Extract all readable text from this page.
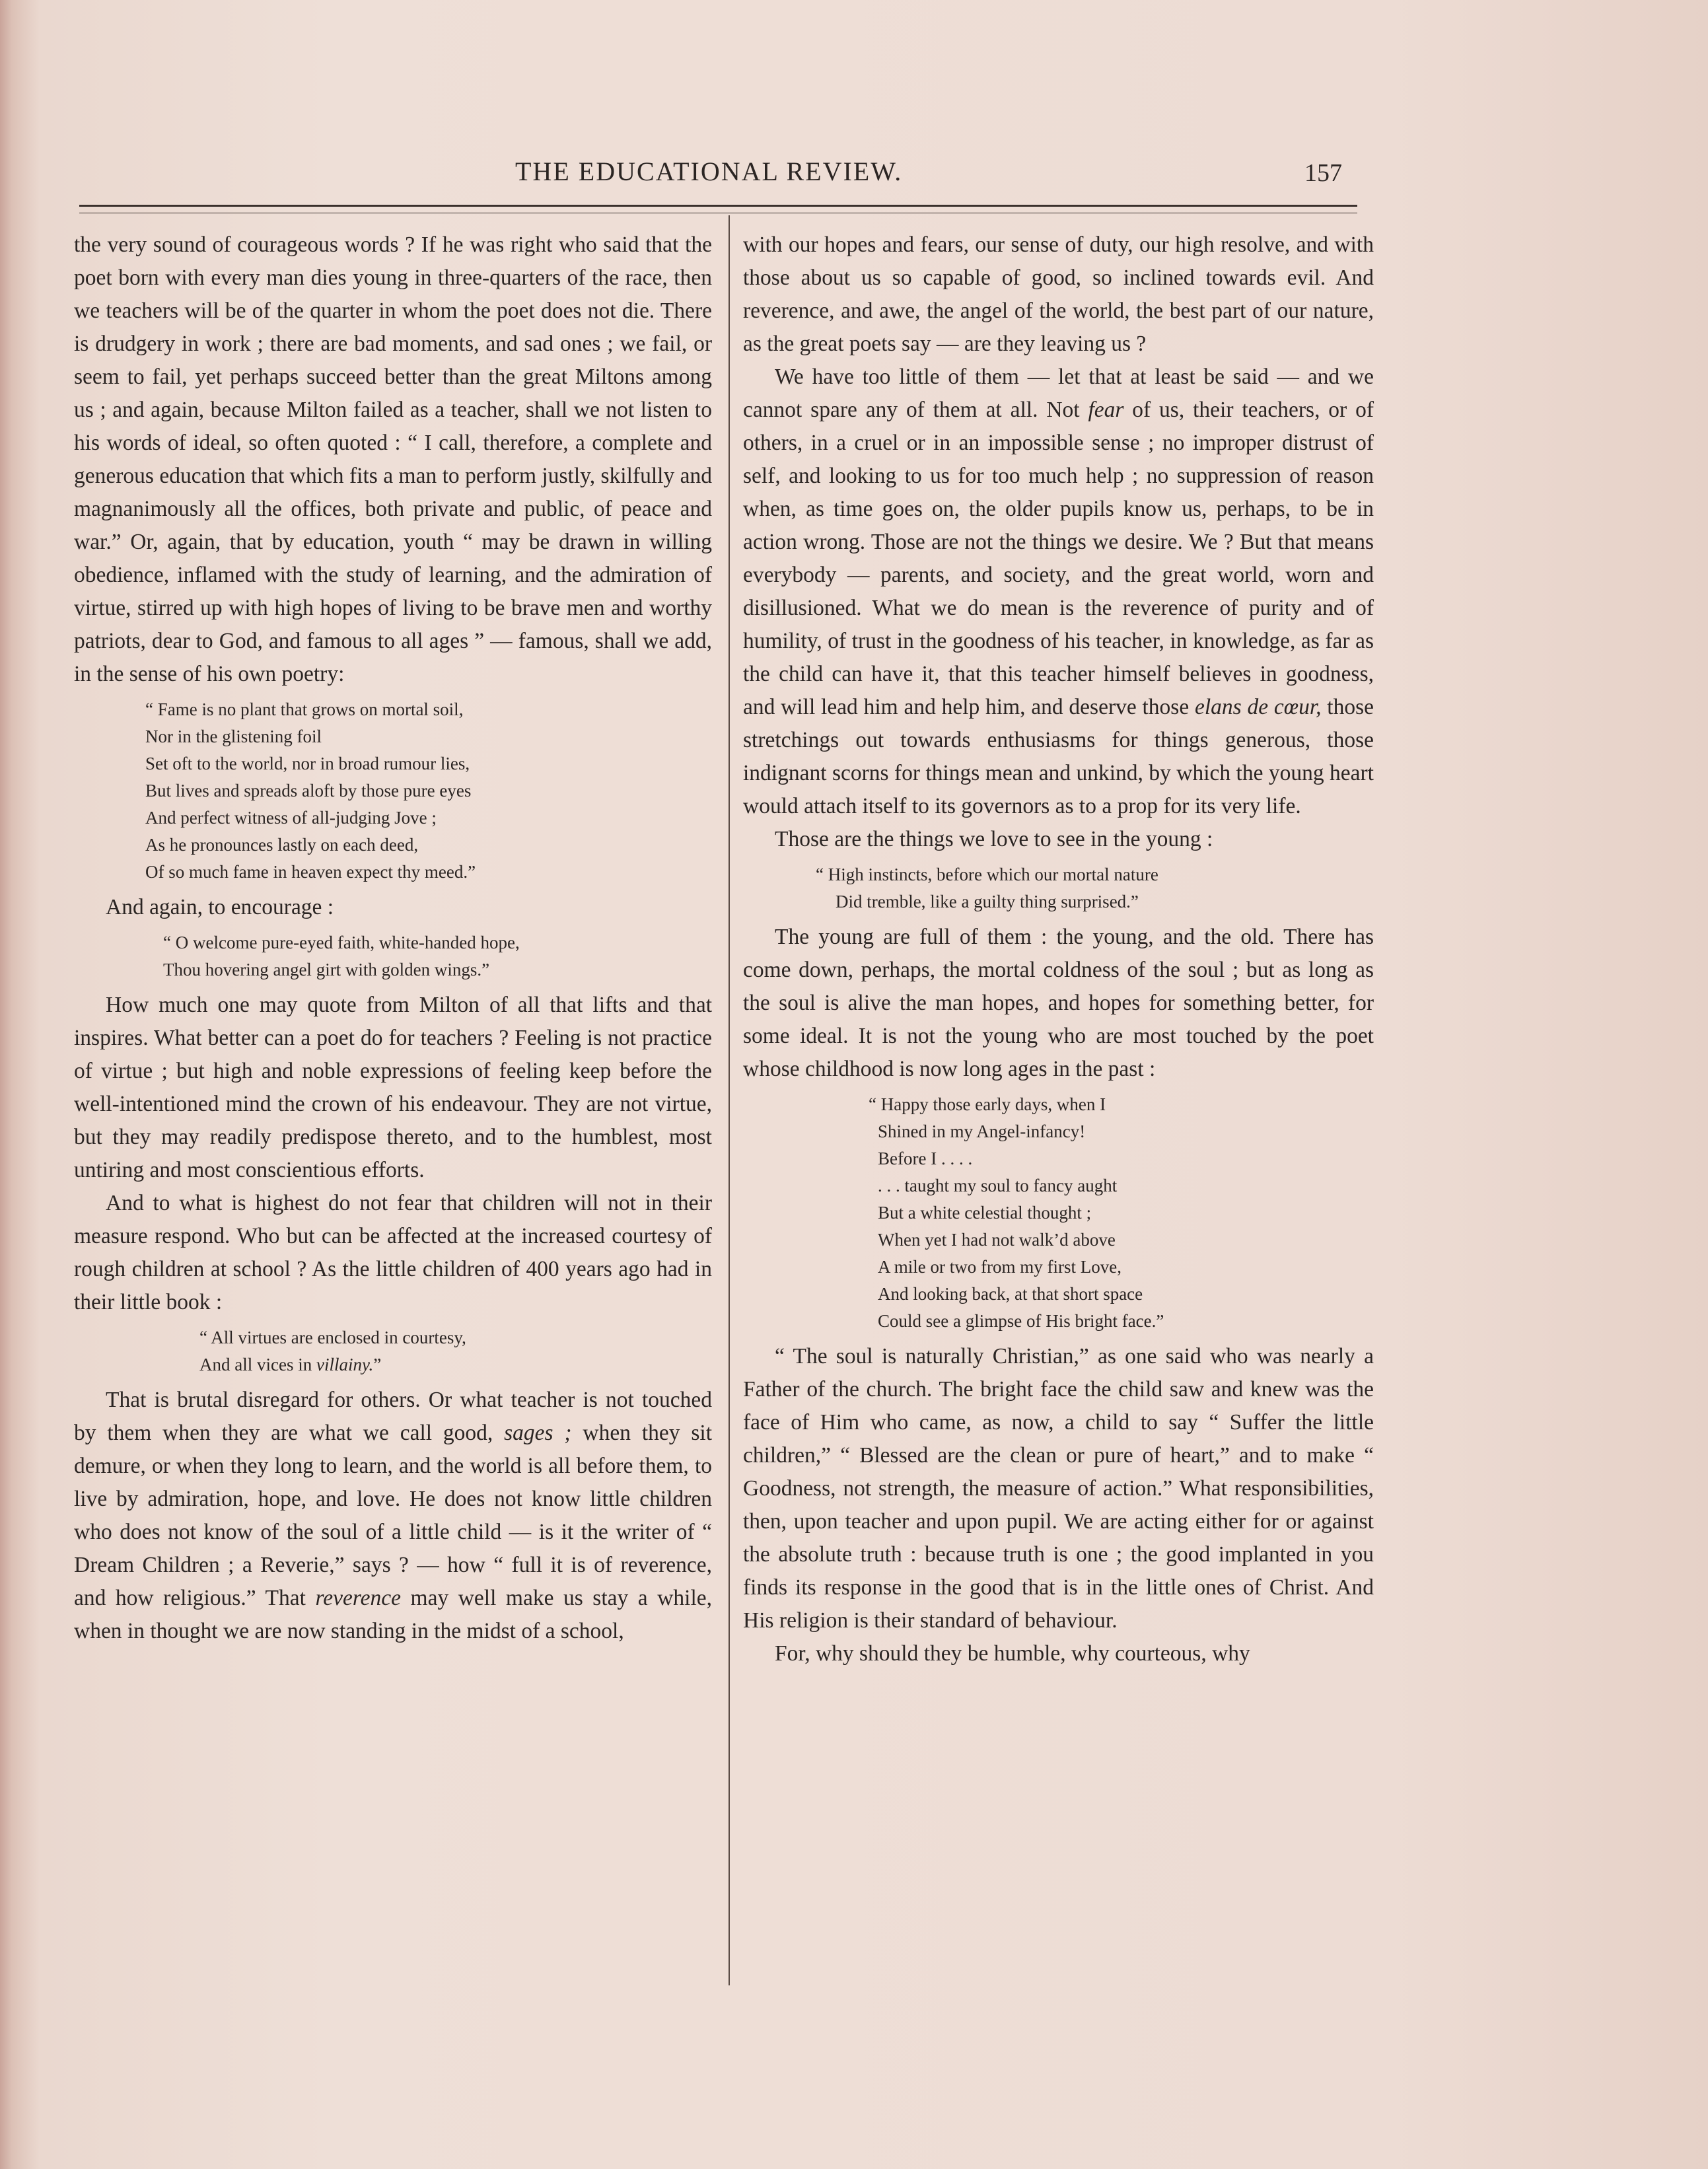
THE EDUCATIONAL REVIEW.	157

the very sound of courageous words ? If he was right who said that the poet born with every man dies young in three-quarters of the race, then we teachers will be of the quarter in whom the poet does not die. There is drudgery in work ; there are bad moments, and sad ones ; we fail, or seem to fail, yet perhaps succeed better than the great Miltons among us ; and again, because Milton failed as a teacher, shall we not listen to his words of ideal, so often quoted : “ I call, therefore, a complete and generous education that which fits a man to perform justly, skilfully and magnanimously all the offices, both private and public, of peace and war.” Or, again, that by education, youth “ may be drawn in willing obedience, inflamed with the study of learning, and the admiration of virtue, stirred up with high hopes of living to be brave men and worthy patriots, dear to God, and famous to all ages ” — famous, shall we add, in the sense of his own poetry:

“ Fame is no plant that grows on mortal soil,
Nor in the glistening foil
Set oft to the world, nor in broad rumour lies,
But lives and spreads aloft by those pure eyes
And perfect witness of all-judging Jove ;
As he pronounces lastly on each deed,
Of so much fame in heaven expect thy meed.”

And again, to encourage :

“ O welcome pure-eyed faith, white-handed hope,
Thou hovering angel girt with golden wings.”

How much one may quote from Milton of all that lifts and that inspires. What better can a poet do for teachers ? Feeling is not practice of virtue ; but high and noble expressions of feeling keep before the well-intentioned mind the crown of his endeavour. They are not virtue, but they may readily predispose thereto, and to the humblest, most untiring and most conscientious efforts.

And to what is highest do not fear that children will not in their measure respond. Who but can be affected at the increased courtesy of rough children at school ? As the little children of 400 years ago had in their little book :

“ All virtues are enclosed in courtesy,
And all vices in villainy.”

That is brutal disregard for others. Or what teacher is not touched by them when they are what we call good, sages ; when they sit demure, or when they long to learn, and the world is all before them, to live by admiration, hope, and love. He does not know little children who does not know of the soul of a little child — is it the writer of “ Dream Children ; a Reverie,” says ? — how “ full it is of reverence, and how religious.” That reverence may well make us stay a while, when in thought we are now standing in the midst of a school,

with our hopes and fears, our sense of duty, our high resolve, and with those about us so capable of good, so inclined towards evil. And reverence, and awe, the angel of the world, the best part of our nature, as the great poets say — are they leaving us ?

We have too little of them — let that at least be said — and we cannot spare any of them at all. Not fear of us, their teachers, or of others, in a cruel or in an impossible sense ; no improper distrust of self, and looking to us for too much help ; no suppression of reason when, as time goes on, the older pupils know us, perhaps, to be in action wrong. Those are not the things we desire. We ? But that means everybody — parents, and society, and the great world, worn and disillusioned. What we do mean is the reverence of purity and of humility, of trust in the goodness of his teacher, in knowledge, as far as the child can have it, that this teacher himself believes in goodness, and will lead him and help him, and deserve those elans de cœur, those stretchings out towards enthusiasms for things generous, those indignant scorns for things mean and unkind, by which the young heart would attach itself to its governors as to a prop for its very life.

Those are the things we love to see in the young :

“ High instincts, before which our mortal nature
Did tremble, like a guilty thing surprised.”

The young are full of them : the young, and the old. There has come down, perhaps, the mortal coldness of the soul ; but as long as the soul is alive the man hopes, and hopes for something better, for some ideal. It is not the young who are most touched by the poet whose childhood is now long ages in the past :

“ Happy those early days, when I
Shined in my Angel-infancy!
Before I . . . .
. . . taught my soul to fancy aught
But a white celestial thought ;
When yet I had not walk’d above
A mile or two from my first Love,
And looking back, at that short space
Could see a glimpse of His bright face.”

“ The soul is naturally Christian,” as one said who was nearly a Father of the church. The bright face the child saw and knew was the face of Him who came, as now, a child to say “ Suffer the little children,” “ Blessed are the clean or pure of heart,” and to make “ Goodness, not strength, the measure of action.” What responsibilities, then, upon teacher and upon pupil. We are acting either for or against the absolute truth : because truth is one ; the good implanted in you finds its response in the good that is in the little ones of Christ. And His religion is their standard of behaviour.

For, why should they be humble, why courteous, why
